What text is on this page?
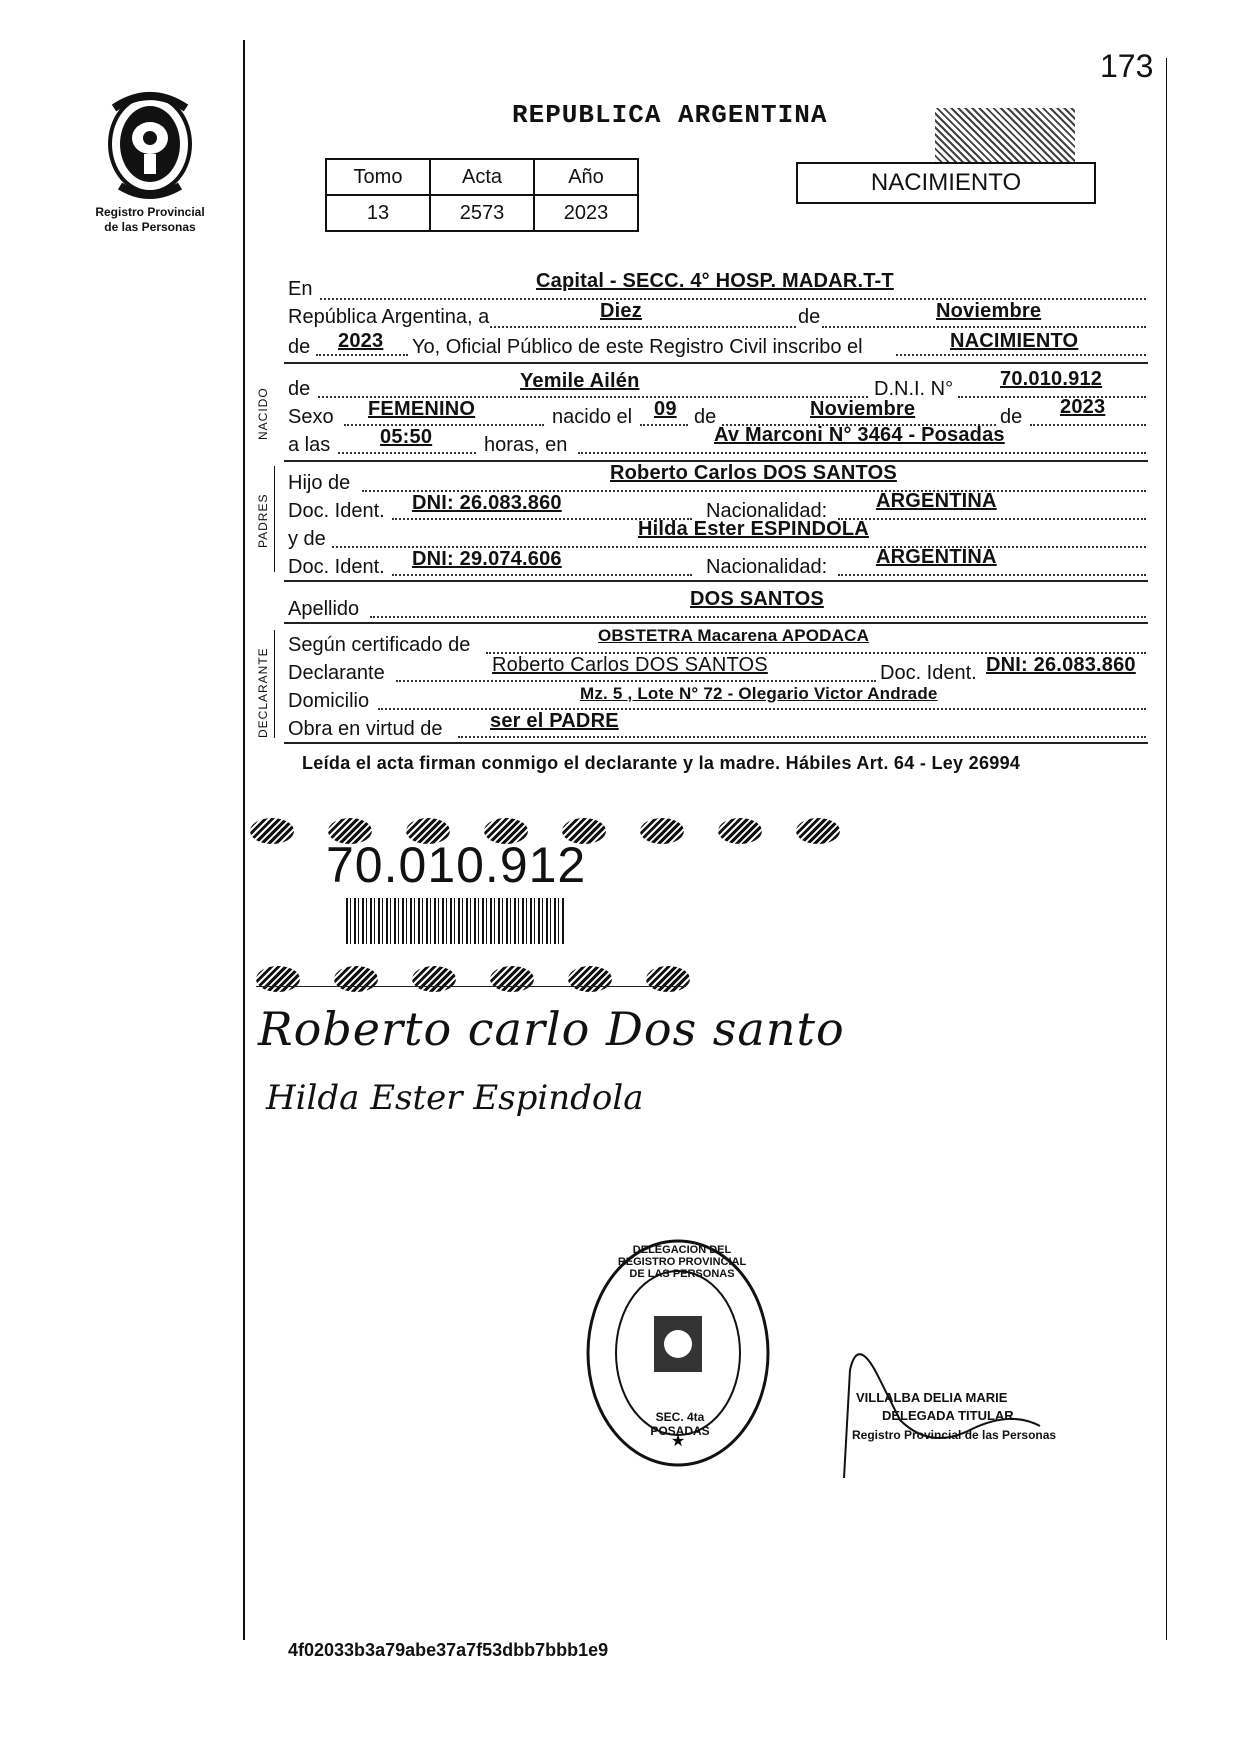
173
Registro Provincial
de las Personas
REPUBLICA ARGENTINA
Tomo	Acta	Año
13	2573	2023
NACIMIENTO
En	Capital - SECC. 4° HOSP. MADAR.T-T
República Argentina, a	Diez	de	Noviembre
de 2023 Yo, Oficial Público de este Registro Civil inscribo el	NACIMIENTO
NACIDO de	Yemile Ailén	D.N.I. N° 70.010.912
Sexo FEMENINO	nacido el 09 de	Noviembre	de 2023
a las 05:50	horas, en	Av Marconi N° 3464 - Posadas
PADRES
Hijo de	Roberto Carlos DOS SANTOS
Doc. Ident. DNI: 26.083.860	Nacionalidad: ARGENTINA
y de	Hilda Ester ESPINDOLA
Doc. Ident. DNI: 29.074.606	Nacionalidad: ARGENTINA
Apellido	DOS SANTOS
DECLARANTE
Según certificado de	OBSTETRA Macarena APODACA
Declarante	Roberto Carlos DOS SANTOS	Doc. Ident. DNI: 26.083.860
Domicilio	Mz. 5 , Lote N° 72 - Olegario Victor Andrade
Obra en virtud de ser el PADRE
Leída el acta firman conmigo el declarante y la madre. Hábiles Art. 64 - Ley 26994
70.010.912
Roberto carlo Dos santo
Hilda Ester Espindola
★
DELEGACION DEL REGISTRO PROVINCIAL DE LAS PERSONAS
SEC. 4ta POSADAS
VILLALBA DELIA MARIE
DELEGADA TITULAR
Registro Provincial de las Personas
4f02033b3a79abe37a7f53dbb7bbb1e9
